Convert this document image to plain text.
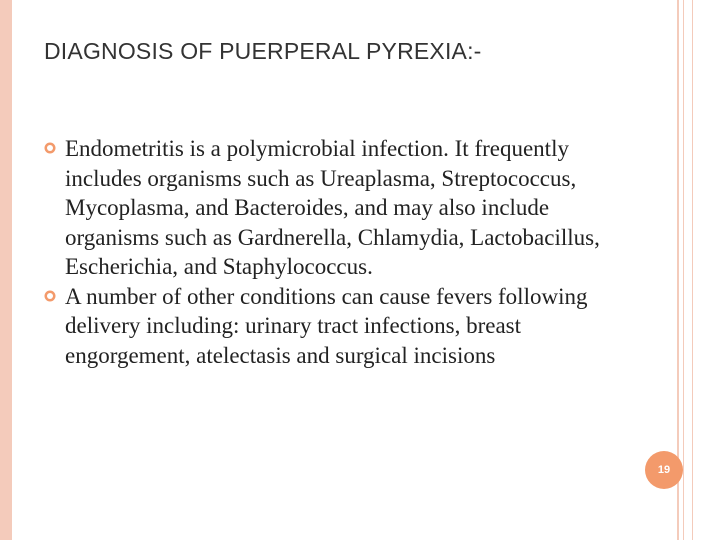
DIAGNOSIS OF PUERPERAL PYREXIA:-
Endometritis is a polymicrobial infection. It frequently includes organisms such as Ureaplasma, Streptococcus, Mycoplasma, and Bacteroides, and may also include organisms such as Gardnerella, Chlamydia, Lactobacillus, Escherichia, and Staphylococcus.
A number of other conditions can cause fevers following delivery including: urinary tract infections, breast engorgement, atelectasis and surgical incisions
19
